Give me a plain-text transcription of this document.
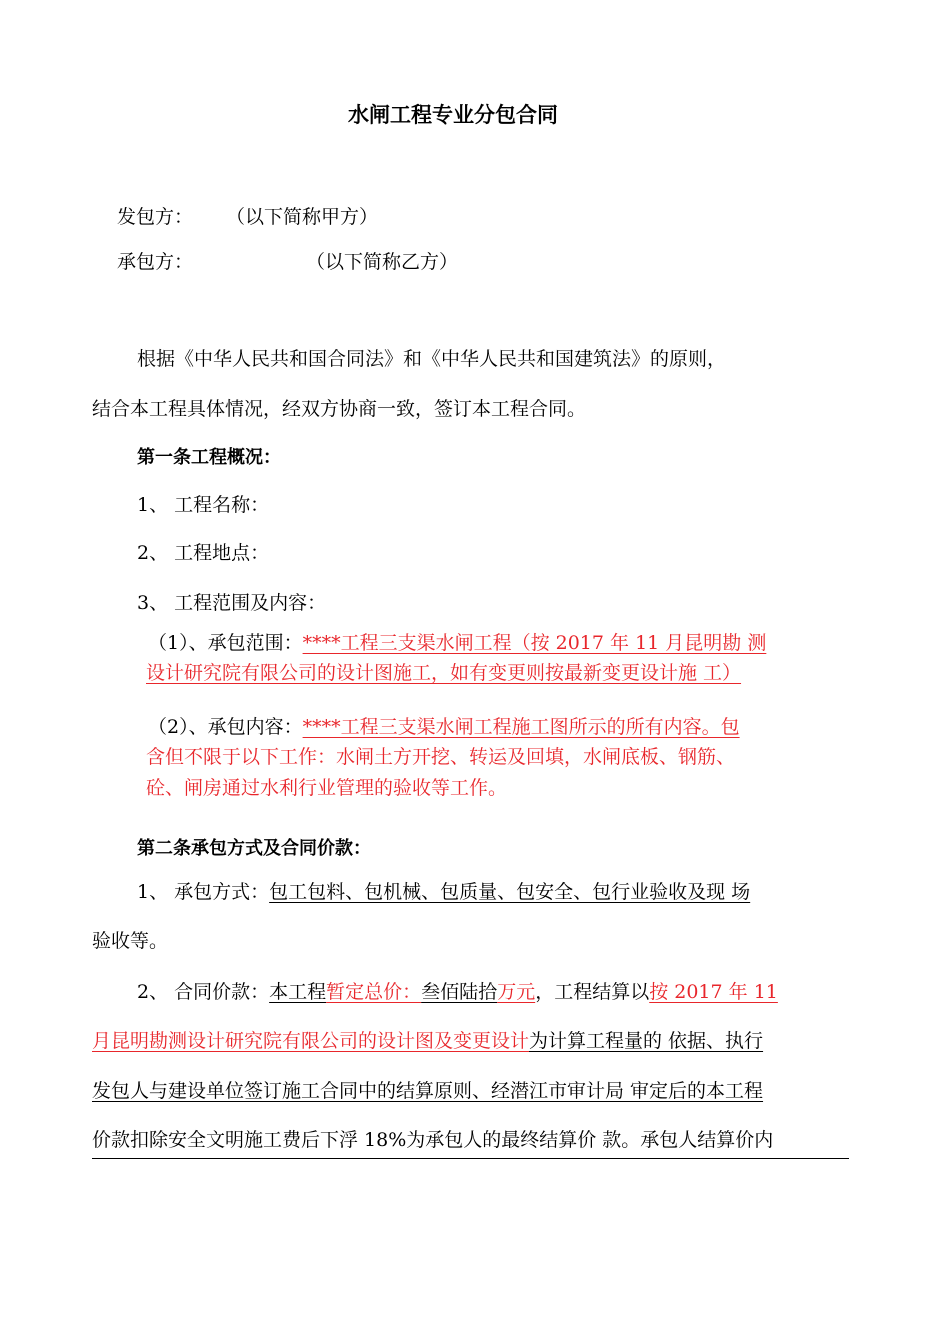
水闸工程专业分包合同
发包方： （以下简称甲方）
承包方：	（以下简称乙方）
根据《中华人民共和国合同法》和《中华人民共和国建筑法》的原则，
结合本工程具体情况，经双方协商一致，签订本工程合同。
第一条工程概况：
1、 工程名称：
2、 工程地点：
3、 工程范围及内容：
（1）、承包范围：****工程三支渠水闸工程（按 2017 年 11 月昆明勘 测
设计研究院有限公司的设计图施工，如有变更则按最新变更设计施 工）
（2）、承包内容：****工程三支渠水闸工程施工图所示的所有内容。包
含但不限于以下工作：水闸土方开挖、转运及回填，水闸底板、钢筋、
砼、闸房通过水利行业管理的验收等工作。
第二条承包方式及合同价款：
1、 承包方式：包工包料、包机械、包质量、包安全、包行业验收及现 场
验收等。
2、 合同价款：本工程暂定总价：叁佰陆拾万元，工程结算以按 2017 年 11
月昆明勘测设计研究院有限公司的设计图及变更设计为计算工程量的 依据、执行
发包人与建设单位签订施工合同中的结算原则、经潜江市审计局 审定后的本工程
价款扣除安全文明施工费后下浮 18%为承包人的最终结算价 款。承包人结算价内
